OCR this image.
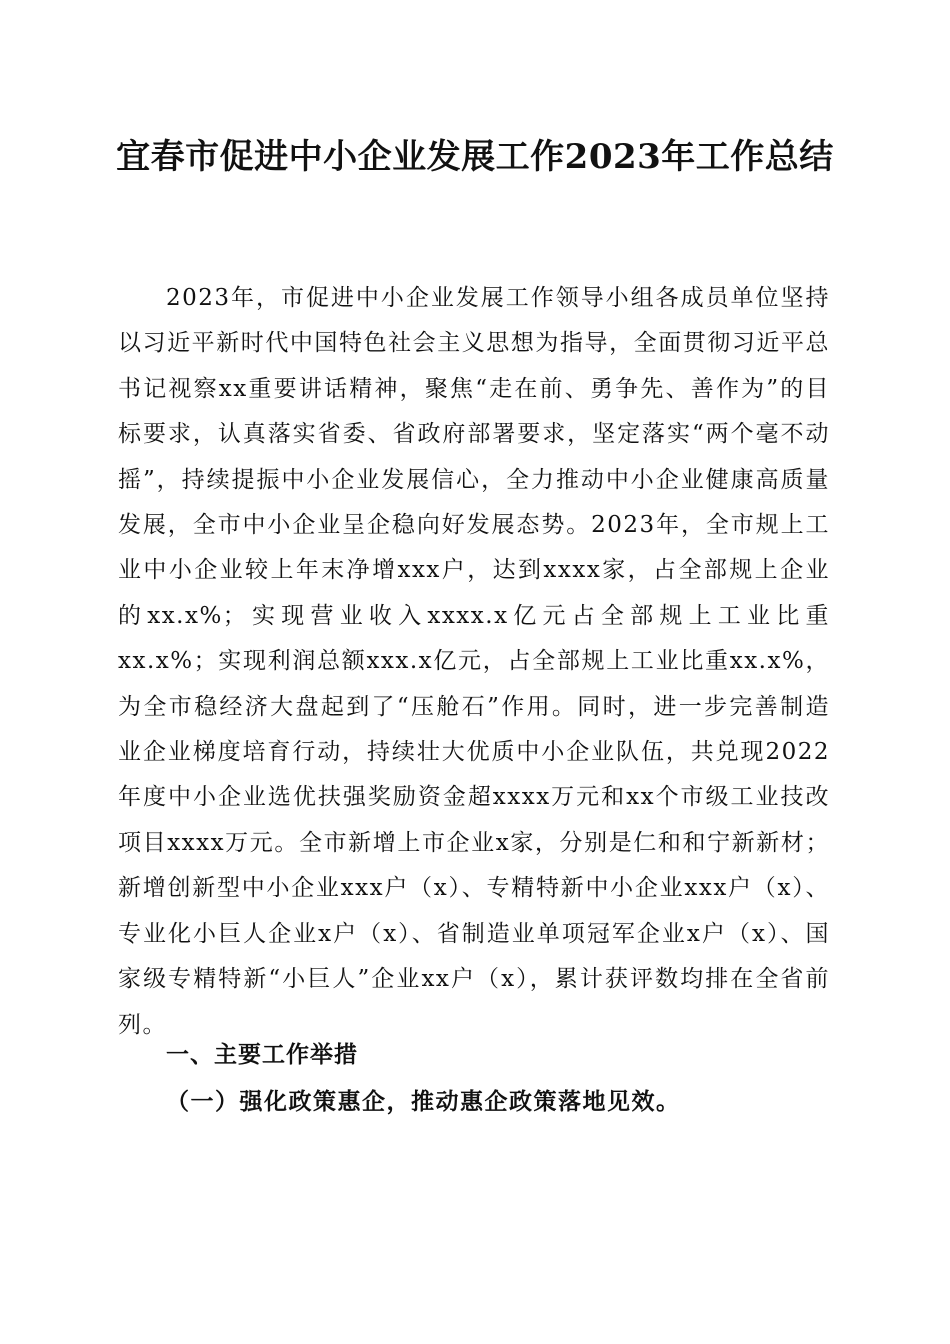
宜春市促进中小企业发展工作2023年工作总结

2023年，市促进中小企业发展工作领导小组各成员单位坚持以习近平新时代中国特色社会主义思想为指导，全面贯彻习近平总书记视察xx重要讲话精神，聚焦“走在前、勇争先、善作为”的目标要求，认真落实省委、省政府部署要求，坚定落实“两个毫不动摇”，持续提振中小企业发展信心，全力推动中小企业健康高质量发展，全市中小企业呈企稳向好发展态势。2023年，全市规上工业中小企业较上年末净增xxx户，达到xxxx家，占全部规上企业的xx.x%；实现营业收入xxxx.x亿元占全部规上工业比重xx.x%；实现利润总额xxx.x亿元，占全部规上工业比重xx.x%，为全市稳经济大盘起到了“压舱石”作用。同时，进一步完善制造业企业梯度培育行动，持续壮大优质中小企业队伍，共兑现2022年度中小企业选优扶强奖励资金超xxxx万元和xx个市级工业技改项目xxxx万元。全市新增上市企业x家，分别是仁和和宁新新材；新增创新型中小企业xxx户（x）、专精特新中小企业xxx户（x）、专业化小巨人企业x户（x）、省制造业单项冠军企业x户（x）、国家级专精特新“小巨人”企业xx户（x），累计获评数均排在全省前列。

一、主要工作举措
（一）强化政策惠企，推动惠企政策落地见效。
